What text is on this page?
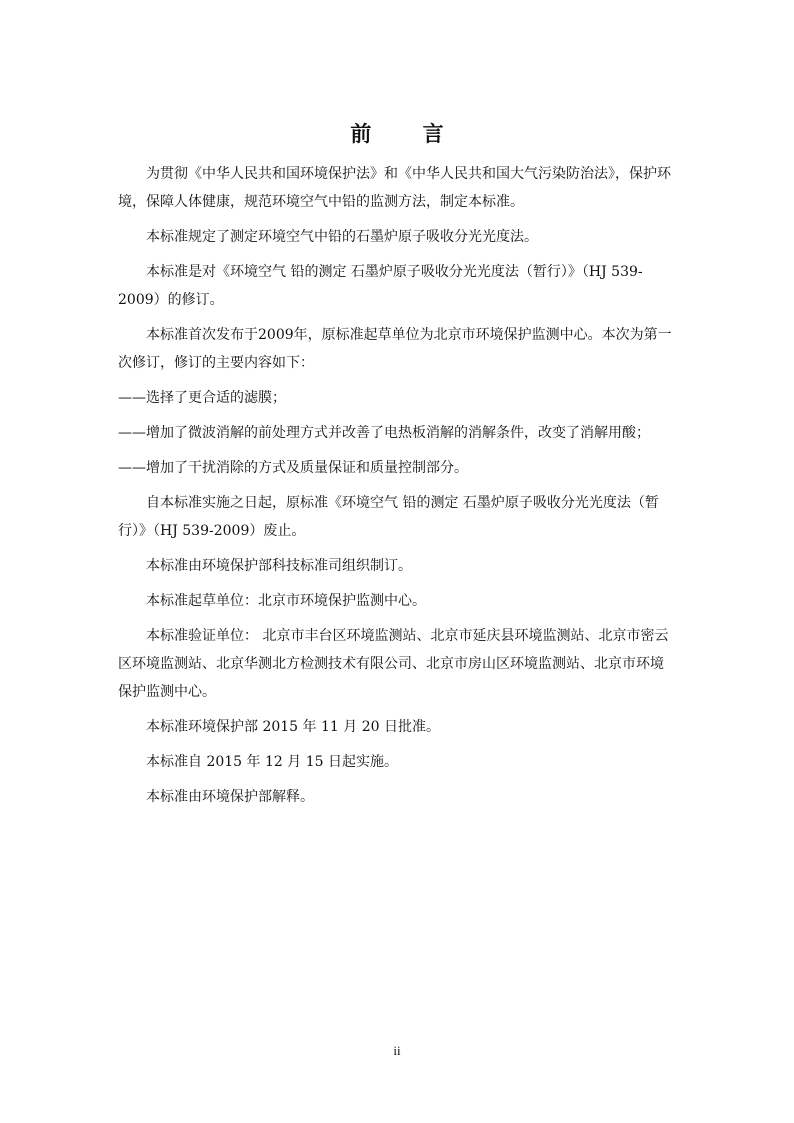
前 言

为贯彻《中华人民共和国环境保护法》和《中华人民共和国大气污染防治法》，保护环境，保障人体健康，规范环境空气中铅的监测方法，制定本标准。

本标准规定了测定环境空气中铅的石墨炉原子吸收分光光度法。

本标准是对《环境空气 铅的测定 石墨炉原子吸收分光光度法（暂行）》（HJ 539-2009）的修订。

本标准首次发布于2009年，原标准起草单位为北京市环境保护监测中心。本次为第一次修订，修订的主要内容如下：

——选择了更合适的滤膜；

——增加了微波消解的前处理方式并改善了电热板消解的消解条件，改变了消解用酸；

——增加了干扰消除的方式及质量保证和质量控制部分。

自本标准实施之日起，原标准《环境空气 铅的测定 石墨炉原子吸收分光光度法（暂行）》（HJ 539-2009）废止。

本标准由环境保护部科技标准司组织制订。

本标准起草单位：北京市环境保护监测中心。

本标准验证单位： 北京市丰台区环境监测站、北京市延庆县环境监测站、北京市密云区环境监测站、北京华测北方检测技术有限公司、北京市房山区环境监测站、北京市环境保护监测中心。

本标准环境保护部 2015 年 11 月 20 日批准。

本标准自 2015 年 12 月 15 日起实施。

本标准由环境保护部解释。

ii
